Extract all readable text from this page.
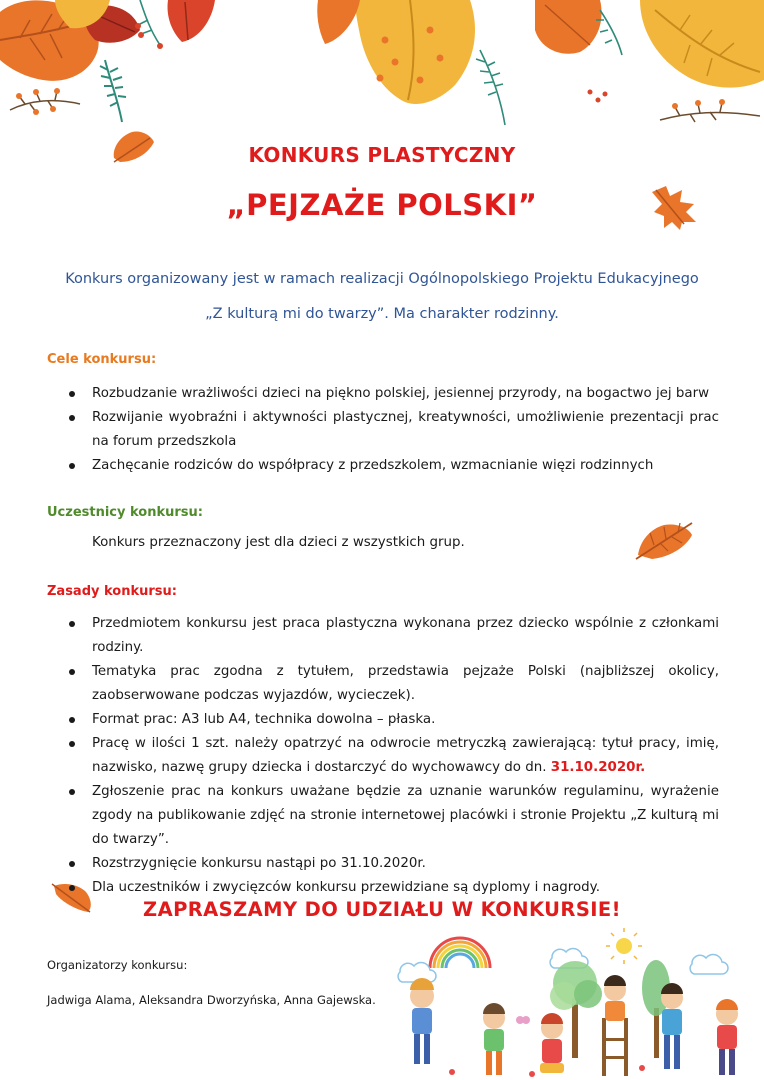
KONKURS PLASTYCZNY
„PEJZAŻE POLSKI”
Konkurs organizowany jest w ramach realizacji Ogólnopolskiego Projektu Edukacyjnego
„Z kulturą mi do twarzy”. Ma charakter rodzinny.
Cele konkursu:
Rozbudzanie wrażliwości dzieci na piękno polskiej, jesiennej przyrody, na bogactwo jej barw
Rozwijanie wyobraźni i aktywności plastycznej, kreatywności, umożliwienie prezentacji prac na forum przedszkola
Zachęcanie rodziców do współpracy z przedszkolem, wzmacnianie więzi rodzinnych
Uczestnicy konkursu:
Konkurs przeznaczony jest dla dzieci z wszystkich grup.
Zasady konkursu:
Przedmiotem konkursu jest praca plastyczna wykonana przez dziecko wspólnie z członkami rodziny.
Tematyka prac zgodna z tytułem, przedstawia pejzaże Polski (najbliższej okolicy, zaobserwowane podczas wyjazdów, wycieczek).
Format prac: A3 lub A4, technika dowolna – płaska.
Pracę w ilości 1 szt. należy opatrzyć na odwrocie metryczką zawierającą: tytuł pracy, imię, nazwisko, nazwę grupy dziecka i dostarczyć do wychowawcy do dn. 31.10.2020r.
Zgłoszenie prac na konkurs uważane będzie za uznanie warunków regulaminu, wyrażenie zgody na publikowanie zdjęć na stronie internetowej placówki i stronie Projektu „Z kulturą mi do twarzy”.
Rozstrzygnięcie konkursu nastąpi po 31.10.2020r.
Dla uczestników i zwycięzców konkursu przewidziane są dyplomy i nagrody.
ZAPRASZAMY DO UDZIAŁU W KONKURSIE!
Organizatorzy konkursu:
Jadwiga Alama, Aleksandra Dworzyńska, Anna Gajewska.
